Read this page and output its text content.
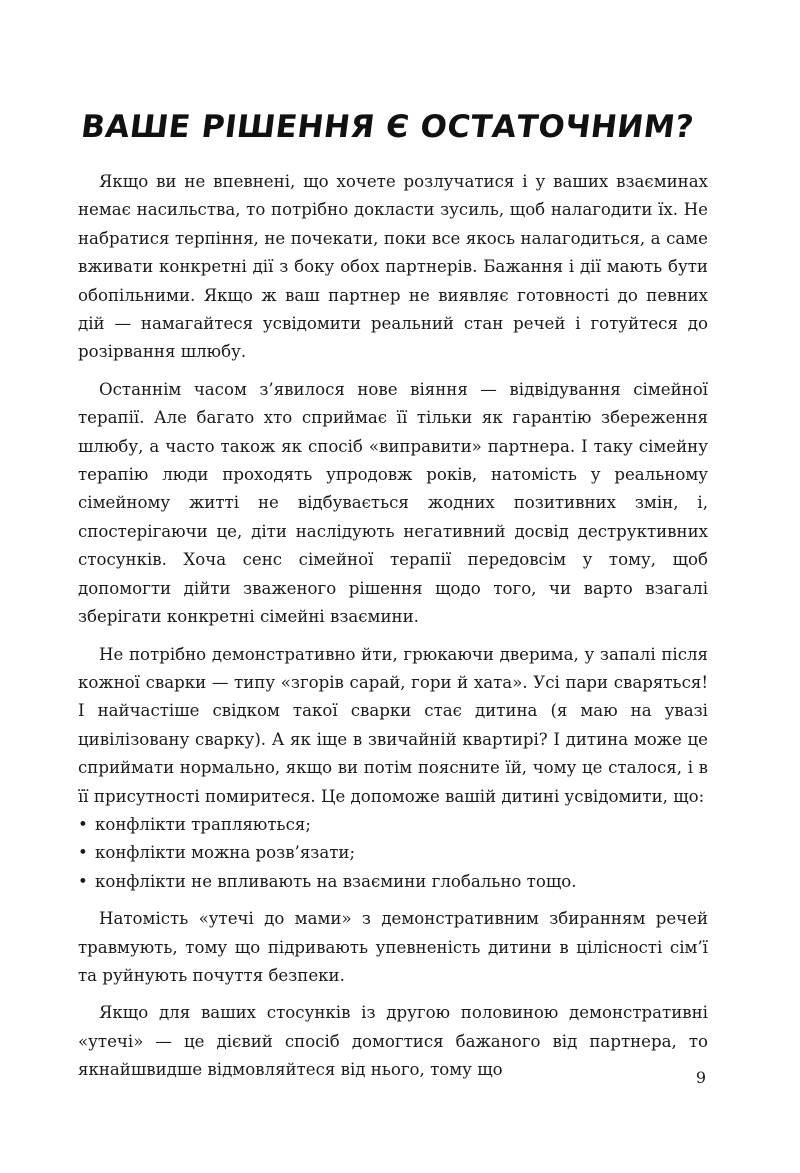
ВАШЕ РІШЕННЯ Є ОСТАТОЧНИМ?

Якщо ви не впевнені, що хочете розлучатися і у ваших взаєминах немає насильства, то потрібно докласти зусиль, щоб налагодити їх. Не набратися терпіння, не почекати, поки все якось налагодиться, а саме вживати конкретні дії з боку обох партнерів. Бажання і дії мають бути обопільними. Якщо ж ваш партнер не виявляє готовності до певних дій — намагайтеся усвідомити реальний стан речей і готуйтеся до розірвання шлюбу.

Останнім часом з’явилося нове віяння — відвідування сімейної терапії. Але багато хто сприймає її тільки як гарантію збереження шлюбу, а часто також як спосіб «виправити» партнера. І таку сімейну терапію люди проходять упродовж років, натомість у реальному сімейному житті не відбувається жодних позитивних змін, і, спостерігаючи це, діти наслідують негативний досвід деструктивних стосунків. Хоча сенс сімейної терапії передовсім у тому, щоб допомогти дійти зваженого рішення щодо того, чи варто взагалі зберігати конкретні сімейні взаємини.

Не потрібно демонстративно йти, грюкаючи дверима, у запалі після кожної сварки — типу «згорів сарай, гори й хата». Усі пари сваряться! І найчастіше свідком такої сварки стає дитина (я маю на увазі цивілізовану сварку). А як іще в звичайній квартирі? І дитина може це сприймати нормально, якщо ви потім поясните їй, чому це сталося, і в її присутності помиритеся. Це допоможе вашій дитині усвідомити, що:

• конфлікти трапляються;
• конфлікти можна розв’язати;
• конфлікти не впливають на взаємини глобально тощо.

Натомість «утечі до мами» з демонстративним збиранням речей травмують, тому що підривають упевненість дитини в цілісності сім’ї та руйнують почуття безпеки.

Якщо для ваших стосунків із другою половиною демонстративні «утечі» — це дієвий спосіб домогтися бажаного від партнера, то якнайшвидше відмовляйтеся від нього, тому що	9
